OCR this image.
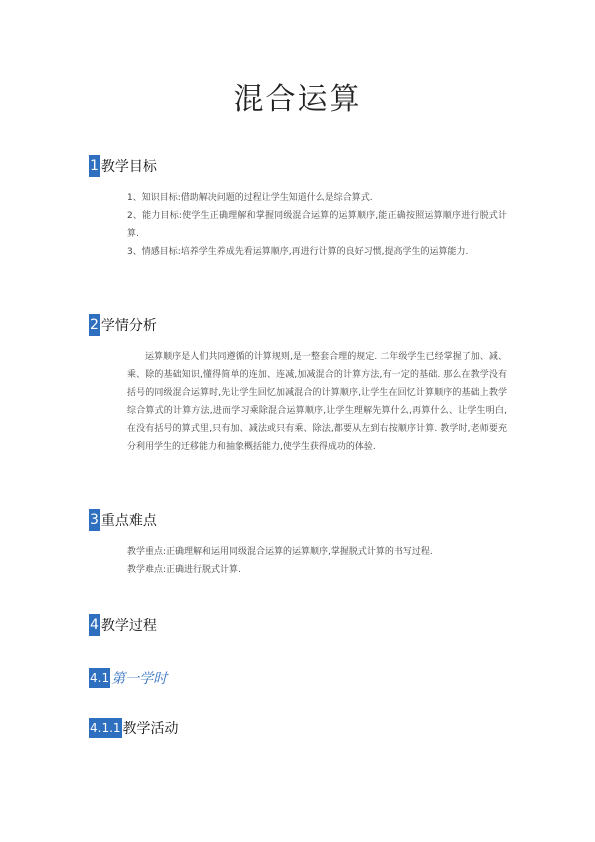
混合运算
1 教学目标
1、知识目标:借助解决问题的过程让学生知道什么是综合算式.
2、能力目标:使学生正确理解和掌握同级混合运算的运算顺序,能正确按照运算顺序进行脱式计算.
3、情感目标:培养学生养成先看运算顺序,再进行计算的良好习惯,提高学生的运算能力.
2 学情分析
运算顺序是人们共同遵循的计算规则,是一整套合理的规定. 二年级学生已经掌握了加、减、乘、除的基础知识,懂得简单的连加、连减,加减混合的计算方法,有一定的基础. 那么在教学没有括号的同级混合运算时,先让学生回忆加减混合的计算顺序,让学生在回忆计算顺序的基础上教学综合算式的计算方法,进而学习乘除混合运算顺序,让学生理解先算什么,再算什么、让学生明白,在没有括号的算式里,只有加、减法或只有乘、除法,都要从左到右按顺序计算. 教学时,老师要充分利用学生的迁移能力和抽象概括能力,使学生获得成功的体验.
3 重点难点
教学重点:正确理解和运用同级混合运算的运算顺序,掌握脱式计算的书写过程.
教学难点:正确进行脱式计算.
4 教学过程
4.1 第一学时
4.1.1 教学活动
